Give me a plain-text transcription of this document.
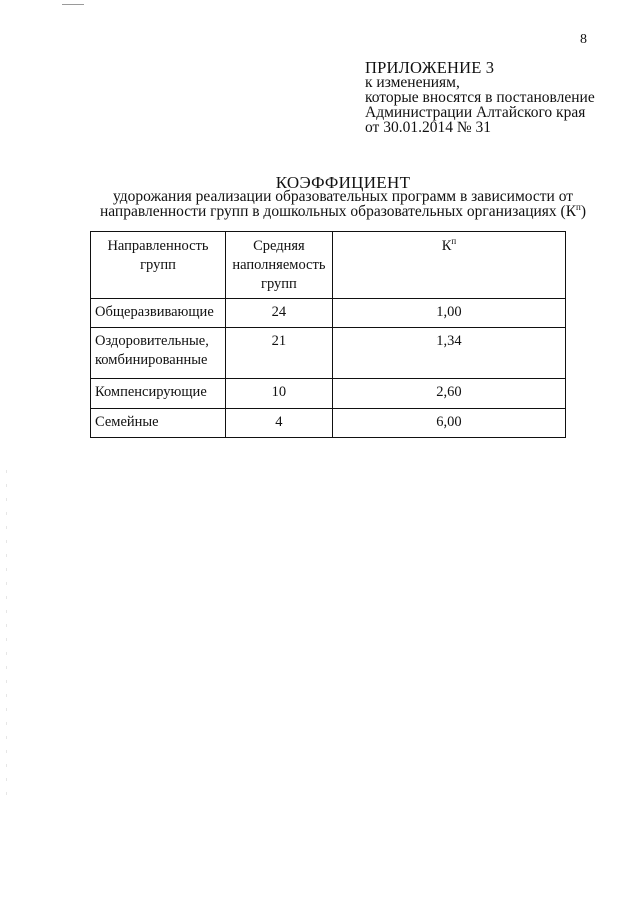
8
ПРИЛОЖЕНИЕ 3
к изменениям,
которые вносятся в постановление
Администрации Алтайского края
от 30.01.2014 № 31
КОЭФФИЦИЕНТ
удорожания реализации образовательных программ в зависимости от
направленности групп в дошкольных образовательных организациях $(К^п)$
Направленность групп	Средняя наполняемость групп	$К^п$
Общеразвивающие	24	1,00
Оздоровительные, комбинированные	21	1,34
Компенсирующие	10	2,60
Семейные	4	6,00
